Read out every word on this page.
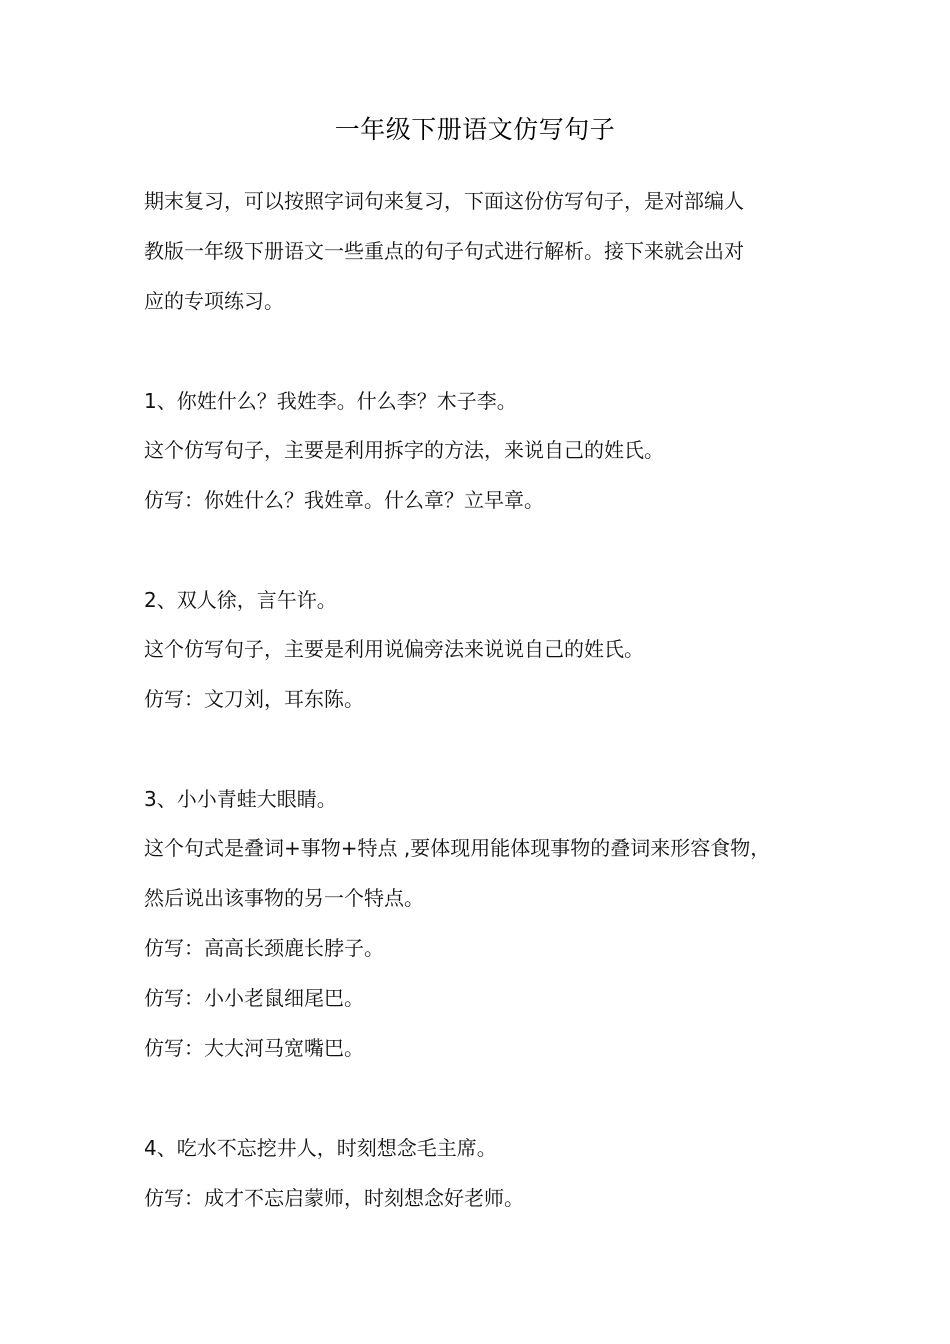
一年级下册语文仿写句子
期末复习，可以按照字词句来复习，下面这份仿写句子，是对部编人
教版一年级下册语文一些重点的句子句式进行解析。接下来就会出对
应的专项练习。
1、你姓什么？我姓李。什么李？木子李。
这个仿写句子，主要是利用拆字的方法，来说自己的姓氏。
仿写：你姓什么？我姓章。什么章？立早章。
2、双人徐，言午许。
这个仿写句子，主要是利用说偏旁法来说说自己的姓氏。
仿写：文刀刘，耳东陈。
3、小小青蛙大眼睛。
这个句式是叠词+事物+特点 ,要体现用能体现事物的叠词来形容食物，
然后说出该事物的另一个特点。
仿写：高高长颈鹿长脖子。
仿写：小小老鼠细尾巴。
仿写：大大河马宽嘴巴。
4、吃水不忘挖井人，时刻想念毛主席。
仿写：成才不忘启蒙师，时刻想念好老师。
